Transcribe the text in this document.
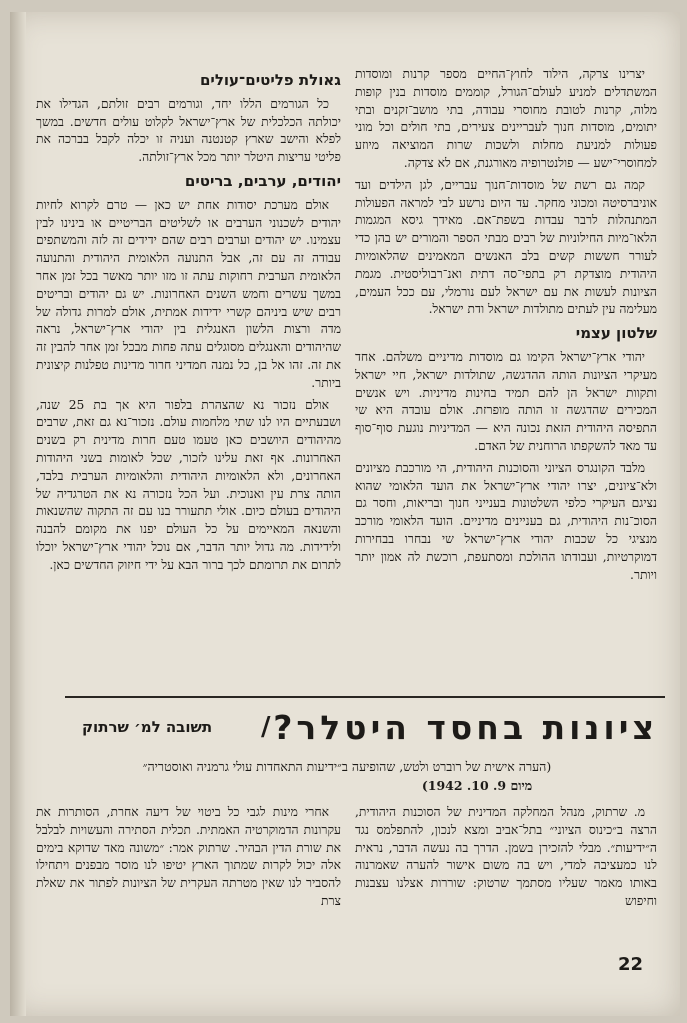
יצרינו צרקה, הילוד לחוץ־החיים מספר קרנות ומוסדות המשתדלים למניע לעולם־הגורל, קוממים מוסדות בנין קופות מלוה, קרנות לטובת מחוסרי עבודה, בתי מושב־זקנים ובתי יתומים, מוסדות חנוך לעבריינים צעירים, בתי חולים וכל מוני פעולות למניעת מחלות ולשכות שרות המוציאה מיוזע למחוסרי־ישע — פולנטרופיה מאורגנת, אם לא צדקה.

קמה גם רשת של מוסדות־חנוך עבריים, לגן הילדים ועד אוניברסיטה ומכוני מחקר. עד היום נרשע לבי למראה הפעולות המתנהלות לרבר עבדות בשפת־אם. מאידך גיסא המגמות הלאו־מיות החילוניות של רבים מבתי הספר והמורים יש בהן כדי לעורר חששות קשים בלב האנשים המאמינים שהלאומיות היהודית מוצדקת רק בתפי־סה דתית ואנ־רבוליסטית. מגמת הציונות לעשות את עם ישראל לעם נורמלי, עם ככל העמים, מעלימה עין לעתים מתולדות ישראל ודת ישראל.

שלטון עצמי

יהודי ארץ־ישראל הקימו גם מוסדות מדיניים משלהם. אחד מעיקרי הציונות הותה ההדגשה, שתולדות ישראל, חיי ישראל ותקוות ישראל הן להם תמיד בחינות מדיניות. ויש אנשים המכירים שהדגשה זו הותה מופרזת. אולם עובדה היא שי התפיסה היהודית הזאת נכונה היא — המדיניות נוגעת סוף־סוף עד מאד להשקפתו הרוחנית של האדם.

מלבד הקונגרס הציוני והסוכנות היהודית, הי מורכבת מציונים ולא־ציונים, יצרו יהודי ארץ־ישראל את הועד הלאומי שהוא נציגם העיקרי כלפי השלטונות בענייני חנוך ובריאות, וחסר גם הסוכ־נות היהודית, גם בעניינים מדיניים. הועד הלאומי מורכב מנציגי כל שכבות יהודי ארץ־ישראל שי נבחרו בבחירות דמוקרטיות, ועבודתו ההולכת ומסתעפת, רוכשת לה אמון יותר ויותר.

גאולת פליטים־עולים

כל הגורמים הללו יחד, וגורמים רבים זולתם, הגדילו את יכולתה הכלכלית של ארץ־ישראל לקלוט עולים חדשים. במשך לפלא והישב שארץ קטנטנה ועניה זו יכלה לקבל בברכה את פליטי עריצות היטלר יותר מכל ארץ־זולתה.

יהודים, ערבים, בריטים

אולם מערכת יסודות אחת יש כאן — טרם לקרוא לחיות יהודים לשכנוני הערבים או לשליטים הבריטיים או בינינו לבין עצמינו. יש יהודים וערבים רבים שהם ידידים זה לזה והמשתפים עבודה זה עם זה, אבל התנועה הלאומית היהודית והתנועה הלאומית הערבית רחוקות עתה זו מזו יותר מאשר בכל זמן אחר במשך עשרים וחמש השנים האחרונות. יש גם יהודים ובריטים רבים שיש ביניהם קשרי ידידות אמתית, אולם למרות גדולה של מדה ורצות הלשון האנגלית בין יהודי ארץ־ישראל, נראה שהיהודים והאנגלים מסוגלים עתה פחות מבכל זמן אחר להבין זה את זה. זהו אל בן, כל נמנה חמדיני חרור מדינות טפלנות קיצונית ביותר.

אולם נזכור נא שהצהרת בלפור היא אך בת 25 שנה, ושבעתיים היו לנו שתי מלחמות עולם. נזכור־נא גם זאת, שרבים מהיהודים היושבים כאן טעמו טעם חרות מדינית רק בשנים האחרונות. אף זאת עלינו לזכור, שכל לאומות בשני היהודות האחרונים, ולא הלאומיות היהודית והלאומיות הערבית בלבד, הותה צרת עין ואנוכית. ועל הכל נזכורה נא את הטרגדיה של היהודים בעולם כיום. אולי תתעורר בנו עם זה התקוה שהשנאות והשנאה המאיימים על כל העולם יפנו את מקומם להבנה ולידידות. מה גדול יותר הדבר, אם נוכל יהודי ארץ־ישראל יוכלו לתרום את תרומתם לכך ברור הבא על ידי חיזוק החדשים כאן.

ציונות בחסד היטלר?
/
תשובה למ׳ שרתוק
(הערה אישית של רוברט ולטש, שהופיעה ב״ידיעות התאחדות עולי גרמניה ואוסטריה״
מיום 9. 10. 1942)

מ. שרתוק, מנהל המחלקה המדינית של הסוכנות היהודית, הרצה ב״כינוס הציוני״ בתל־אביב ומצא לנכון, להתפלמס נגד ה״ידיעות״. מבלי להזכירן בשמן. הדרך בה נעשה הדבר, נראית לנו כמעציבה למדי, ויש בה משום אישור להערה שאמרנוה באותו מאמר שעליו מסתמך שרטוק: שוררות אצלנו עצבנות וחיפוש

אחרי מינות לגבי כל ביטוי של דיעה אחרת, הסותרות את עקרונות הדמוקרטיה האמתית. תכלית הסתירה והעשויות לבלבל את שורת הדין הבהיר. שרתוק אמר: ״משונה מאד שדוקא בימים אלה יכול לקרות שמתוך הארץ יטיפו לנו מוסר מבפנים ויתחילו להסביר לנו שאין מטרתה העקרית של הציונות לפתור את שאלת צרת

22
